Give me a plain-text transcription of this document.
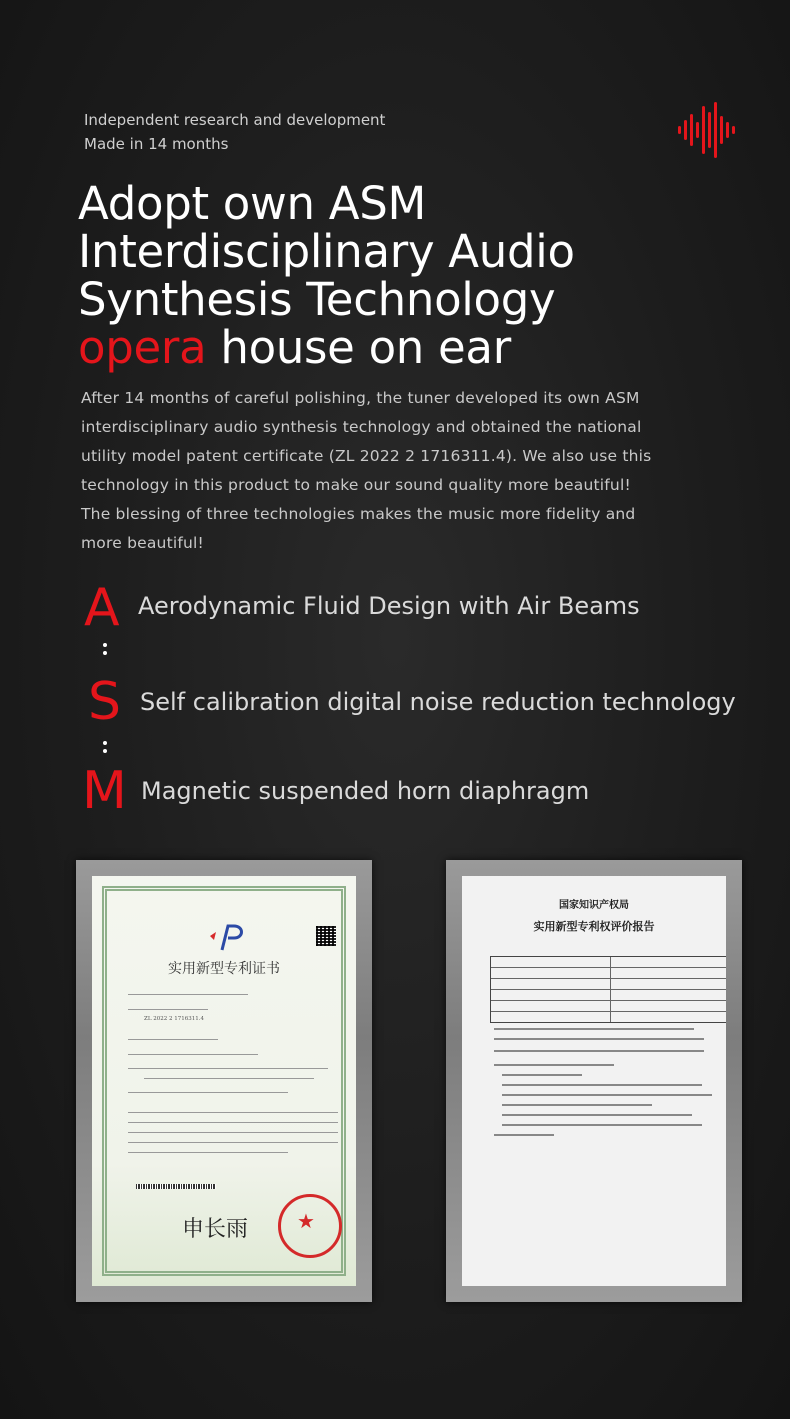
Independent research and development
Made in 14 months
Adopt own ASM
Interdisciplinary Audio
Synthesis Technology
opera house on ear
After 14 months of careful polishing, the tuner developed its own ASM interdisciplinary audio synthesis technology and obtained the national utility model patent certificate (ZL 2022 2 1716311.4). We also use this technology in this product to make our sound quality more beautiful! The blessing of three technologies makes the music more fidelity and more beautiful!
A Aerodynamic Fluid Design with Air Beams
S Self calibration digital noise reduction technology
M Magnetic suspended horn diaphragm
实用新型专利证书
ZL 2022 2 1716311.4
申长雨
★
国家知识产权局
实用新型专利权评价报告
